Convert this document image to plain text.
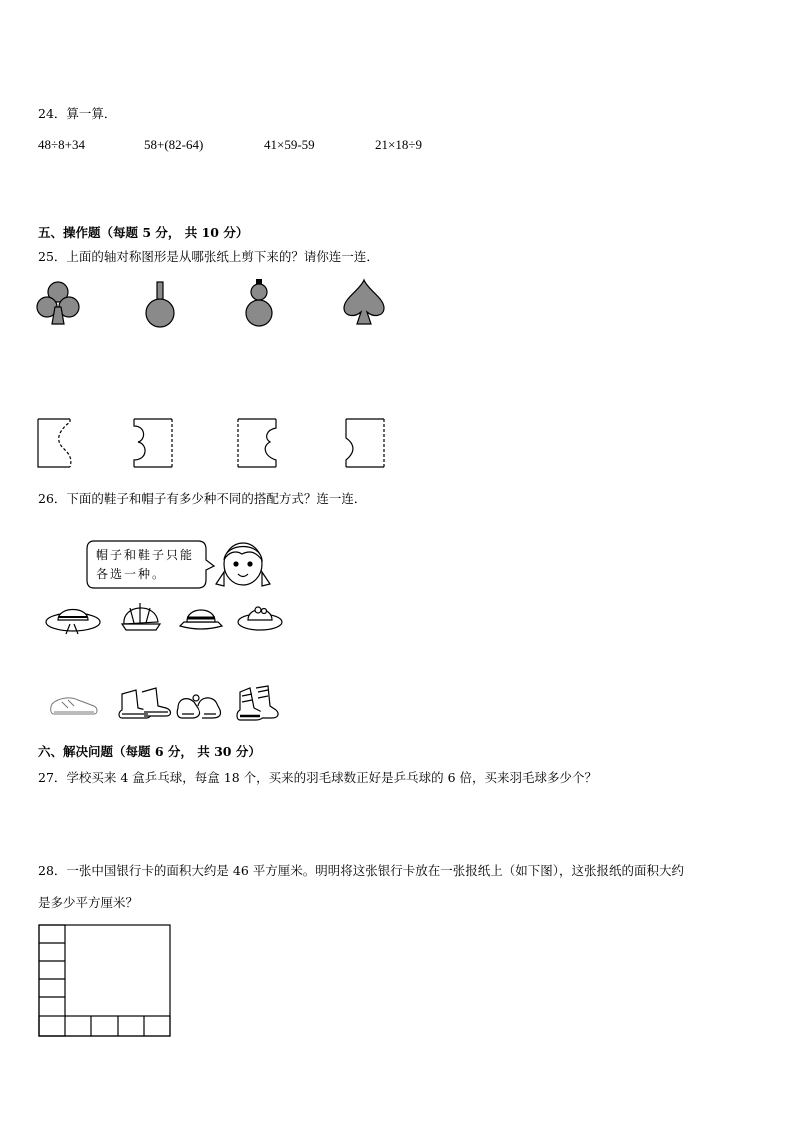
24．算一算．
48÷8+34	58+(82-64)	41×59-59	21×18÷9
五、操作题（每题 5 分， 共 10 分）
25．上面的轴对称图形是从哪张纸上剪下来的？请你连一连．
26．下面的鞋子和帽子有多少种不同的搭配方式？连一连．
帽子和鞋子只能
各选一种。
六、解决问题（每题 6 分， 共 30 分）
27．学校买来 4 盒乒乓球，每盒 18 个，买来的羽毛球数正好是乒乓球的 6 倍，买来羽毛球多少个？
28．一张中国银行卡的面积大约是 46 平方厘米。明明将这张银行卡放在一张报纸上（如下图），这张报纸的面积大约
是多少平方厘米？
